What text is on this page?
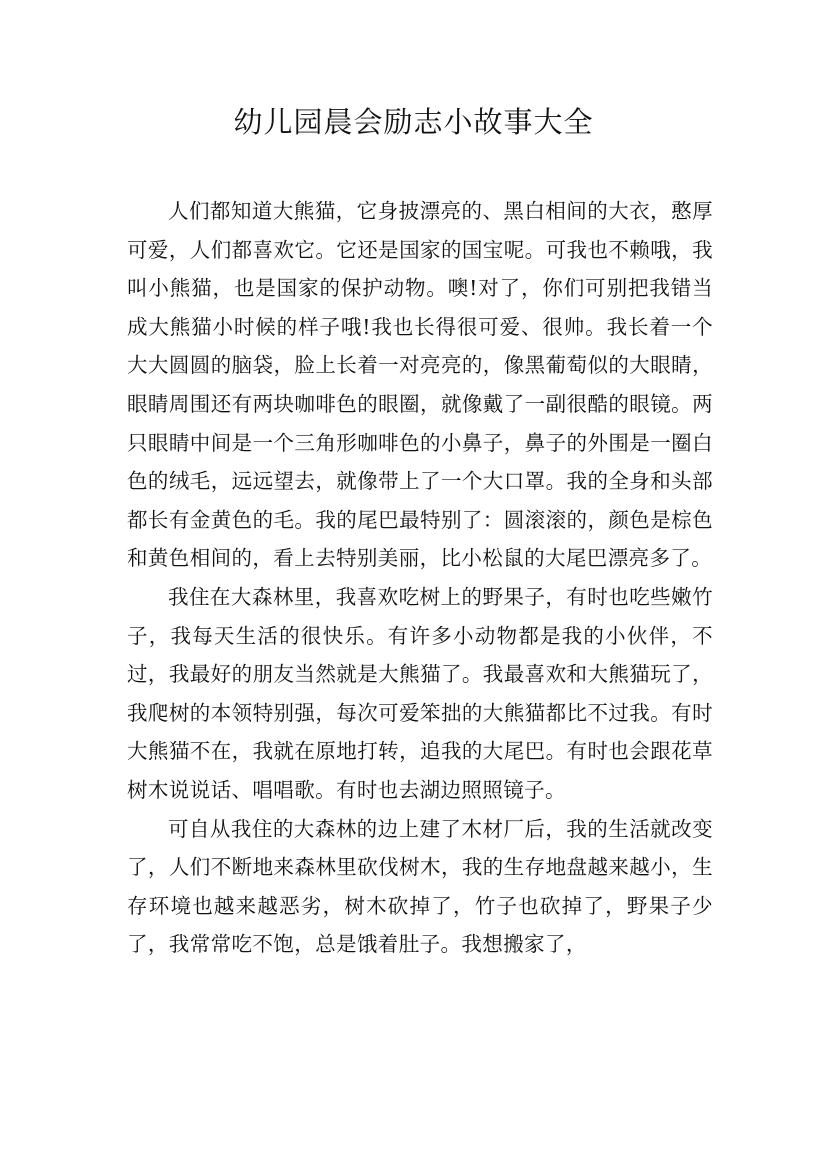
幼儿园晨会励志小故事大全

人们都知道大熊猫，它身披漂亮的、黑白相间的大衣，憨厚可爱，人们都喜欢它。它还是国家的国宝呢。可我也不赖哦，我叫小熊猫，也是国家的保护动物。噢!对了，你们可别把我错当成大熊猫小时候的样子哦!我也长得很可爱、很帅。我长着一个大大圆圆的脑袋，脸上长着一对亮亮的，像黑葡萄似的大眼睛，眼睛周围还有两块咖啡色的眼圈，就像戴了一副很酷的眼镜。两只眼睛中间是一个三角形咖啡色的小鼻子，鼻子的外围是一圈白色的绒毛，远远望去，就像带上了一个大口罩。我的全身和头部都长有金黄色的毛。我的尾巴最特别了：圆滚滚的，颜色是棕色和黄色相间的，看上去特别美丽，比小松鼠的大尾巴漂亮多了。

我住在大森林里，我喜欢吃树上的野果子，有时也吃些嫩竹子，我每天生活的很快乐。有许多小动物都是我的小伙伴，不过，我最好的朋友当然就是大熊猫了。我最喜欢和大熊猫玩了，我爬树的本领特别强，每次可爱笨拙的大熊猫都比不过我。有时大熊猫不在，我就在原地打转，追我的大尾巴。有时也会跟花草树木说说话、唱唱歌。有时也去湖边照照镜子。

可自从我住的大森林的边上建了木材厂后，我的生活就改变了，人们不断地来森林里砍伐树木，我的生存地盘越来越小，生存环境也越来越恶劣，树木砍掉了，竹子也砍掉了，野果子少了，我常常吃不饱，总是饿着肚子。我想搬家了，
